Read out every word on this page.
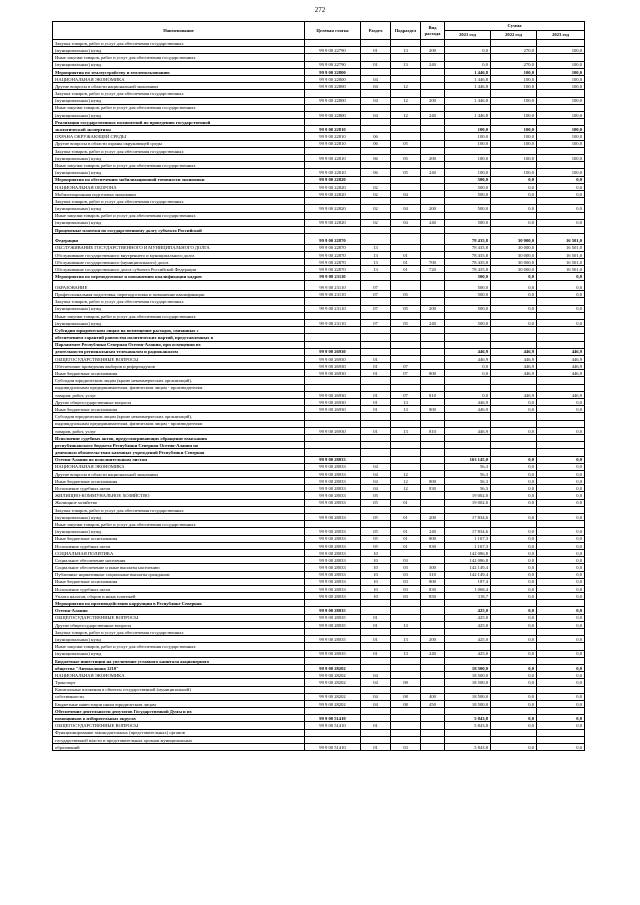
272
Наименование	Целевая статья	Раздел	Подраздел	Вид расхода	Сумма		
					2021 год	2022 год	2023 год
Закупка товаров, работ и услуг для обеспечения государственных							
(муниципальных) нужд	99 9 00 22790	01	13	200	0,0	270,0	100,0
Иные закупки товаров, работ и услуг для обеспечения государственных							
(муниципальных) нужд	99 9 00 22790	01	13	240	0,0	270,0	100,0
Мероприятия по землеустройству и землепользованию	99 9 00 22800				1 446,8	100,0	100,0
НАЦИОНАЛЬНАЯ ЭКОНОМИКА	99 9 00 22800	04			1 446,8	100,0	100,0
Другие вопросы в области национальной экономики	99 9 00 22800	04	12		1 446,8	100,0	100,0
Закупка товаров, работ и услуг для обеспечения государственных							
(муниципальных) нужд	99 9 00 22800	04	12	200	1 446,8	100,0	100,0
Иные закупки товаров, работ и услуг для обеспечения государственных							
(муниципальных) нужд	99 9 00 22800	04	12	240	1 446,8	100,0	100,0
Реализация государственных полномочий по проведению государственной							
экологической экспертизы	99 9 00 22810				100,0	100,0	100,0
ОХРАНА ОКРУЖАЮЩЕЙ СРЕДЫ	99 9 00 22810	06			100,0	100,0	100,0
Другие вопросы в области охраны окружающей среды	99 9 00 22810	06	05		100,0	100,0	100,0
Закупка товаров, работ и услуг для обеспечения государственных							
(муниципальных) нужд	99 9 00 22810	06	05	200	100,0	100,0	100,0
Иные закупки товаров, работ и услуг для обеспечения государственных							
(муниципальных) нужд	99 9 00 22810	06	05	240	100,0	100,0	100,0
Мероприятия по обеспечению мобилизационной готовности экономики	99 9 00 22820				500,0	0,0	0,0
НАЦИОНАЛЬНАЯ ОБОРОНА	99 9 00 22820	02			500,0	0,0	0,0
Мобилизационная подготовка экономики	99 9 00 22820	02	04		500,0	0,0	0,0
Закупка товаров, работ и услуг для обеспечения государственных							
(муниципальных) нужд	99 9 00 22820	02	04	200	500,0	0,0	0,0
Иные закупки товаров, работ и услуг для обеспечения государственных							
(муниципальных) нужд	99 9 00 22820	02	04	240	500,0	0,0	0,0
Процентные платежи по государственному долгу субъекта Российской							
Федерации	99 9 00 22870				78 435,8	30 000,0	16 501,0
ОБСЛУЖИВАНИЕ ГОСУДАРСТВЕННОГО И МУНИЦИПАЛЬНОГО ДОЛГА	99 9 00 22870	13			78 435,8	30 000,0	16 501,0
Обслуживание государственного внутреннего и муниципального долга	99 9 00 22870	13	01		78 435,8	30 000,0	16 501,0
Обслуживание государственного (муниципального) долга	99 9 00 22870	13	01	700	78 435,8	30 000,0	16 501,0
Обслуживание государственного долга субъекта Российской Федерации	99 9 00 22870	13	01	720	78 435,8	30 000,0	16 501,0
Мероприятия по переподготовке и повышению квалификации кадров	99 9 00 23110				500,0	0,0	0,0
ОБРАЗОВАНИЕ	99 9 00 23110	07			500,0	0,0	0,0
Профессиональная подготовка, переподготовка и повышение квалификации	99 9 00 23110	07	05		500,0	0,0	0,0
Закупка товаров, работ и услуг для обеспечения государственных							
(муниципальных) нужд	99 9 00 23110	07	05	200	500,0	0,0	0,0
Иные закупки товаров, работ и услуг для обеспечения государственных							
(муниципальных) нужд	99 9 00 23110	07	05	240	500,0	0,0	0,0
Субсидии юридическим лицам на возмещение расходов, связанных с							
обеспечением гарантий равенства политических партий, представленных в							
Парламенте Республики Северная Осетия-Алания, при освещении их							
деятельности региональным телеканалом и радиоканалом	99 9 00 26930				446,9	446,9	446,9
ОБЩЕГОСУДАРСТВЕННЫЕ ВОПРОСЫ	99 9 00 26930	01			446,9	446,9	446,9
Обеспечение проведения выборов и референдумов	99 9 00 26930	01	07		0,0	446,9	446,9
Иные бюджетные ассигнования	99 9 00 26930	01	07	800	0,0	446,9	446,9
Субсидии юридическим лицам (кроме некоммерческих организаций),							
индивидуальным предпринимателям, физическим лицам - производителям							
товаров, работ, услуг	99 9 00 26930	01	07	810	0,0	446,9	446,9
Другие общегосударственные вопросы	99 9 00 26930	01	13		446,9	0,0	0,0
Иные бюджетные ассигнования	99 9 00 26930	01	13	800	446,9	0,0	0,0
Субсидии юридическим лицам (кроме некоммерческих организаций),							
индивидуальным предпринимателям, физическим лицам - производителям							
товаров, работ, услуг	99 9 00 26930	01	13	810	446,9	0,0	0,0
Исполнение судебных актов, предусматривающих обращение взыскания							
республиканского бюджета Республики Северная Осетия-Алания по							
денежным обязательствам казенных учреждений Республики Северная							
Осетия-Алания по исполнительным листам	99 9 00 28033				163 145,0	0,0	0,0
НАЦИОНАЛЬНАЯ ЭКОНОМИКА	99 9 00 28033	04			56,3	0,0	0,0
Другие вопросы в области национальной экономики	99 9 00 28033	04	12		56,3	0,0	0,0
Иные бюджетные ассигнования	99 9 00 28033	04	12	800	56,3	0,0	0,0
Исполнение судебных актов	99 9 00 28033	04	12	830	56,3	0,0	0,0
ЖИЛИЩНО-КОММУНАЛЬНОЕ ХОЗЯЙСТВО	99 9 00 28033	05			19 002,0	0,0	0,0
Жилищное хозяйство	99 9 00 28033	05	01		19 002,0	0,0	0,0
Закупка товаров, работ и услуг для обеспечения государственных							
(муниципальных) нужд	99 9 00 28033	05	01	200	17 834,6	0,0	0,0
Иные закупки товаров, работ и услуг для обеспечения государственных							
(муниципальных) нужд	99 9 00 28033	05	01	240	17 834,6	0,0	0,0
Иные бюджетные ассигнования	99 9 00 28033	05	01	800	1 167,3	0,0	0,0
Исполнение судебных актов	99 9 00 28033	05	01	830	1 167,3	0,0	0,0
СОЦИАЛЬНАЯ ПОЛИТИКА	99 9 00 28033	10			142 086,8	0,0	0,0
Социальное обеспечение населения	99 9 00 28033	10	03		142 086,8	0,0	0,0
Социальное обеспечение и иные выплаты населению	99 9 00 28033	10	03	300	142 149,4	0,0	0,0
Публичные нормативные социальные выплаты гражданам	99 9 00 28033	10	03	310	142 149,4	0,0	0,0
Иные бюджетные ассигнования	99 9 00 28033	10	03	800	187,4	0,0	0,0
Исполнение судебных актов	99 9 00 28033	10	03	830	1 068,4	0,0	0,0
Уплата налогов, сборов и иных платежей	99 9 00 28033	10	03	850	118,7	0,0	0,0
Мероприятия по противодействию коррупции в Республике Северная							
Осетия-Алания	99 9 00 28035				425,0	0,0	0,0
ОБЩЕГОСУДАРСТВЕННЫЕ ВОПРОСЫ	99 9 00 28035	01			425,0	0,0	0,0
Другие общегосударственные вопросы	99 9 00 28035	01	13		425,0	0,0	0,0
Закупка товаров, работ и услуг для обеспечения государственных							
(муниципальных) нужд	99 9 00 28035	01	13	200	425,0	0,0	0,0
Иные закупки товаров, работ и услуг для обеспечения государственных							
(муниципальных) нужд	99 9 00 28035	01	13	240	425,0	0,0	0,0
Бюджетные инвестиции на увеличение уставного капитала акционерного							
общества "Автоколонна 1210"	99 9 00 28202				18 500,0	0,0	0,0
НАЦИОНАЛЬНАЯ ЭКОНОМИКА	99 9 00 28202	04			18 500,0	0,0	0,0
Транспорт	99 9 00 28202	04	08		18 500,0	0,0	0,0
Капитальные вложения в объекты государственной (муниципальной)							
собственности	99 9 00 28202	04	08	400	18 500,0	0,0	0,0
Бюджетные инвестиции иным юридическим лицам	99 9 00 28202	04	08	450	18 500,0	0,0	0,0
Обеспечение деятельности депутатов Государственной Думы и их							
помощников в избирательных округах	99 9 00 51410				5 843,8	0,0	0,0
ОБЩЕГОСУДАРСТВЕННЫЕ ВОПРОСЫ	99 9 00 51410	01			5 843,8	0,0	0,0
Функционирование законодательных (представительных) органов							
государственной власти и представительных органов муниципальных							
образований	99 9 00 51410	01	03		5 843,8	0,0	0,0
